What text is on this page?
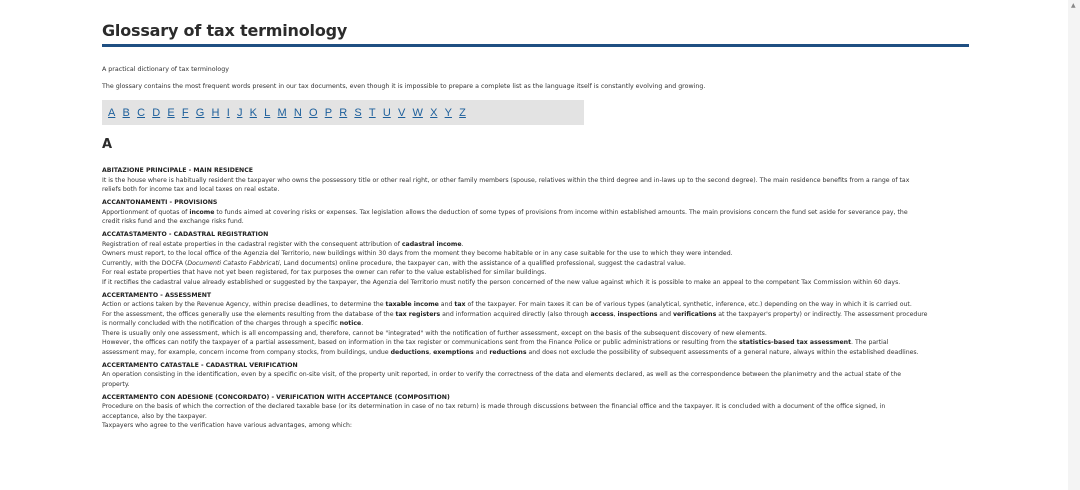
Glossary of tax terminology
A practical dictionary of tax terminology
The glossary contains the most frequent words present in our tax documents, even though it is impossible to prepare a complete list as the language itself is constantly evolving and growing.
A B C D E F G H I J K L M N O P R S T U V W X Y Z
A
ABITAZIONE PRINCIPALE - MAIN RESIDENCE
It is the house where is habitually resident the taxpayer who owns the possessory title or other real right, or other family members (spouse, relatives within the third degree and in-laws up to the second degree). The main residence benefits from a range of tax
reliefs both for income tax and local taxes on real estate.
ACCANTONAMENTI - PROVISIONS
Apportionment of quotas of income to funds aimed at covering risks or expenses. Tax legislation allows the deduction of some types of provisions from income within established amounts. The main provisions concern the fund set aside for severance pay, the
credit risks fund and the exchange risks fund.
ACCATASTAMENTO - CADASTRAL REGISTRATION
Registration of real estate properties in the cadastral register with the consequent attribution of cadastral income.
Owners must report, to the local office of the Agenzia del Territorio, new buildings within 30 days from the moment they become habitable or in any case suitable for the use to which they were intended.
Currently, with the DOCFA (Documenti Catasto Fabbricati, Land documents) online procedure, the taxpayer can, with the assistance of a qualified professional, suggest the cadastral value.
For real estate properties that have not yet been registered, for tax purposes the owner can refer to the value established for similar buildings.
If it rectifies the cadastral value already established or suggested by the taxpayer, the Agenzia del Territorio must notify the person concerned of the new value against which it is possible to make an appeal to the competent Tax Commission within 60 days.
ACCERTAMENTO - ASSESSMENT
Action or actions taken by the Revenue Agency, within precise deadlines, to determine the taxable income and tax of the taxpayer. For main taxes it can be of various types (analytical, synthetic, inference, etc.) depending on the way in which it is carried out.
For the assessment, the offices generally use the elements resulting from the database of the tax registers and information acquired directly (also through access, inspections and verifications at the taxpayer's property) or indirectly. The assessment procedure
is normally concluded with the notification of the charges through a specific notice.
There is usually only one assessment, which is all encompassing and, therefore, cannot be "integrated" with the notification of further assessment, except on the basis of the subsequent discovery of new elements.
However, the offices can notify the taxpayer of a partial assessment, based on information in the tax register or communications sent from the Finance Police or public administrations or resulting from the statistics-based tax assessment. The partial
assessment may, for example, concern income from company stocks, from buildings, undue deductions, exemptions and reductions and does not exclude the possibility of subsequent assessments of a general nature, always within the established deadlines.
ACCERTAMENTO CATASTALE - CADASTRAL VERIFICATION
An operation consisting in the identification, even by a specific on-site visit, of the property unit reported, in order to verify the correctness of the data and elements declared, as well as the correspondence between the planimetry and the actual state of the
property.
ACCERTAMENTO CON ADESIONE (CONCORDATO) - VERIFICATION WITH ACCEPTANCE (COMPOSITION)
Procedure on the basis of which the correction of the declared taxable base (or its determination in case of no tax return) is made through discussions between the financial office and the taxpayer. It is concluded with a document of the office signed, in
acceptance, also by the taxpayer.
Taxpayers who agree to the verification have various advantages, among which:
▲
